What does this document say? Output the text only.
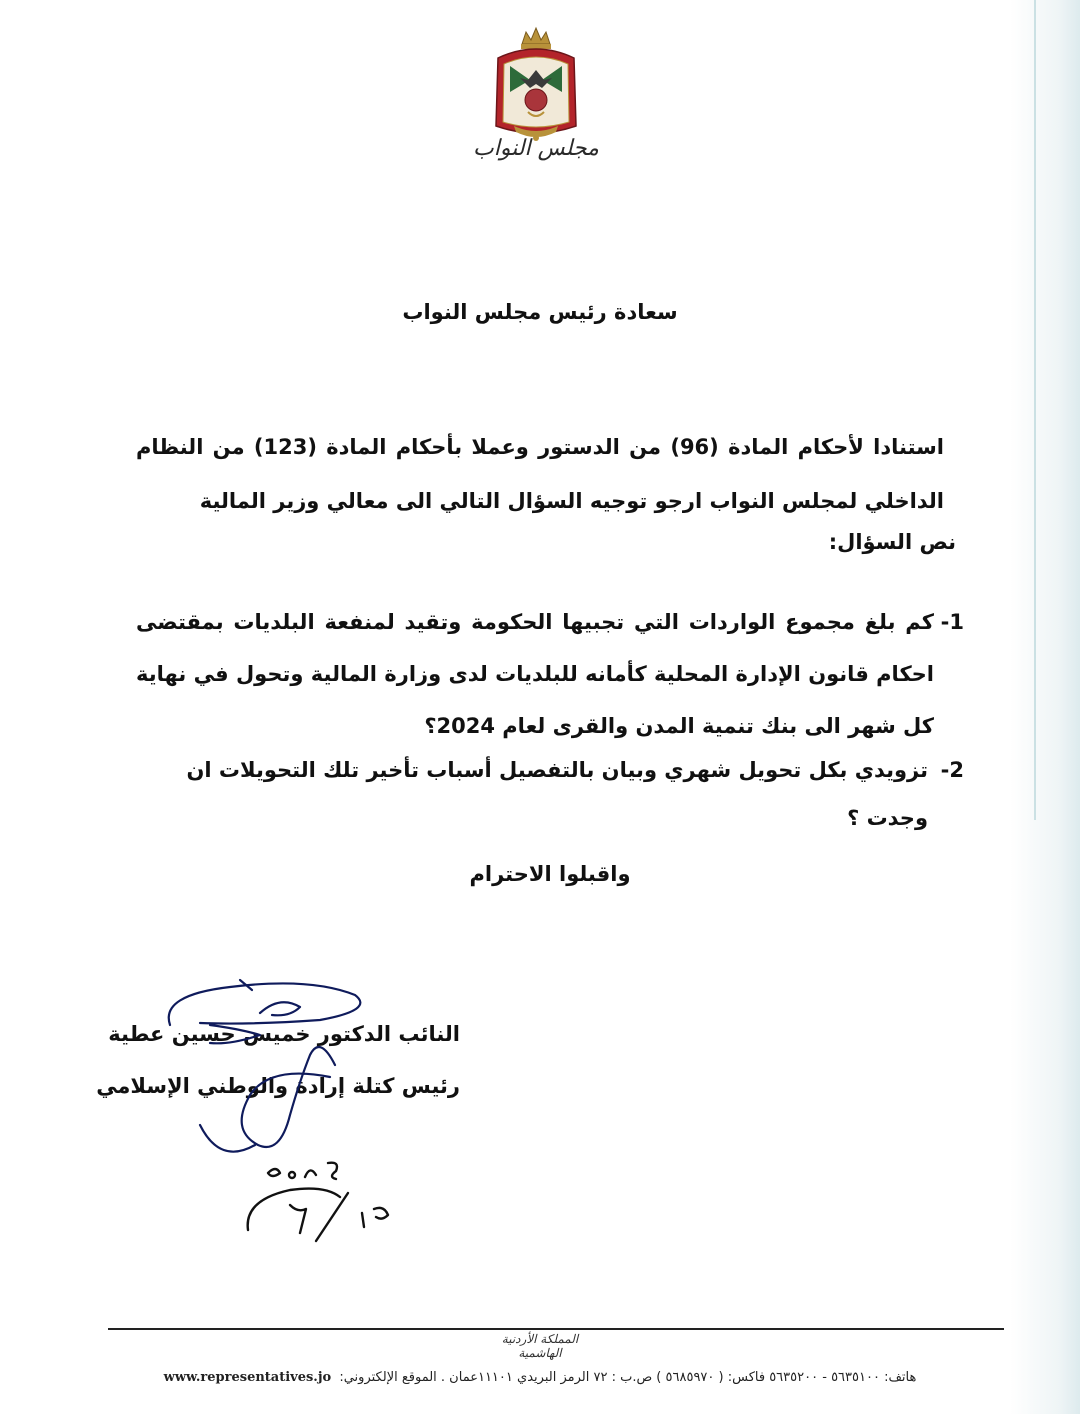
مجلس النواب
سعادة رئيس مجلس النواب
استنادا لأحكام المادة (96) من الدستور وعملا بأحكام المادة (123) من النظام الداخلي لمجلس النواب ارجو توجيه السؤال التالي الى معالي وزير المالية
نص السؤال:
1-
كم بلغ مجموع الواردات التي تجبيها الحكومة وتقيد لمنفعة البلديات بمقتضى احكام قانون الإدارة المحلية كأمانه للبلديات لدى وزارة المالية وتحول في نهاية كل شهر الى بنك تنمية المدن والقرى لعام 2024؟
2-
تزويدي بكل تحويل شهري وبيان بالتفصيل أسباب تأخير تلك التحويلات ان وجدت ؟
واقبلوا الاحترام
النائب الدكتور خميس حسين عطية
رئيس كتلة إرادة والوطني الإسلامي
المملكة الأردنية الهاشمية
هاتف: ٥٦٣٥١٠٠ - ٥٦٣٥٢٠٠ فاكس: ( ٥٦٨٥٩٧٠ ) ص.ب : ٧٢ الرمز البريدي ١١١٠١عمان . الموقع الإلكتروني: www.representatives.jo
